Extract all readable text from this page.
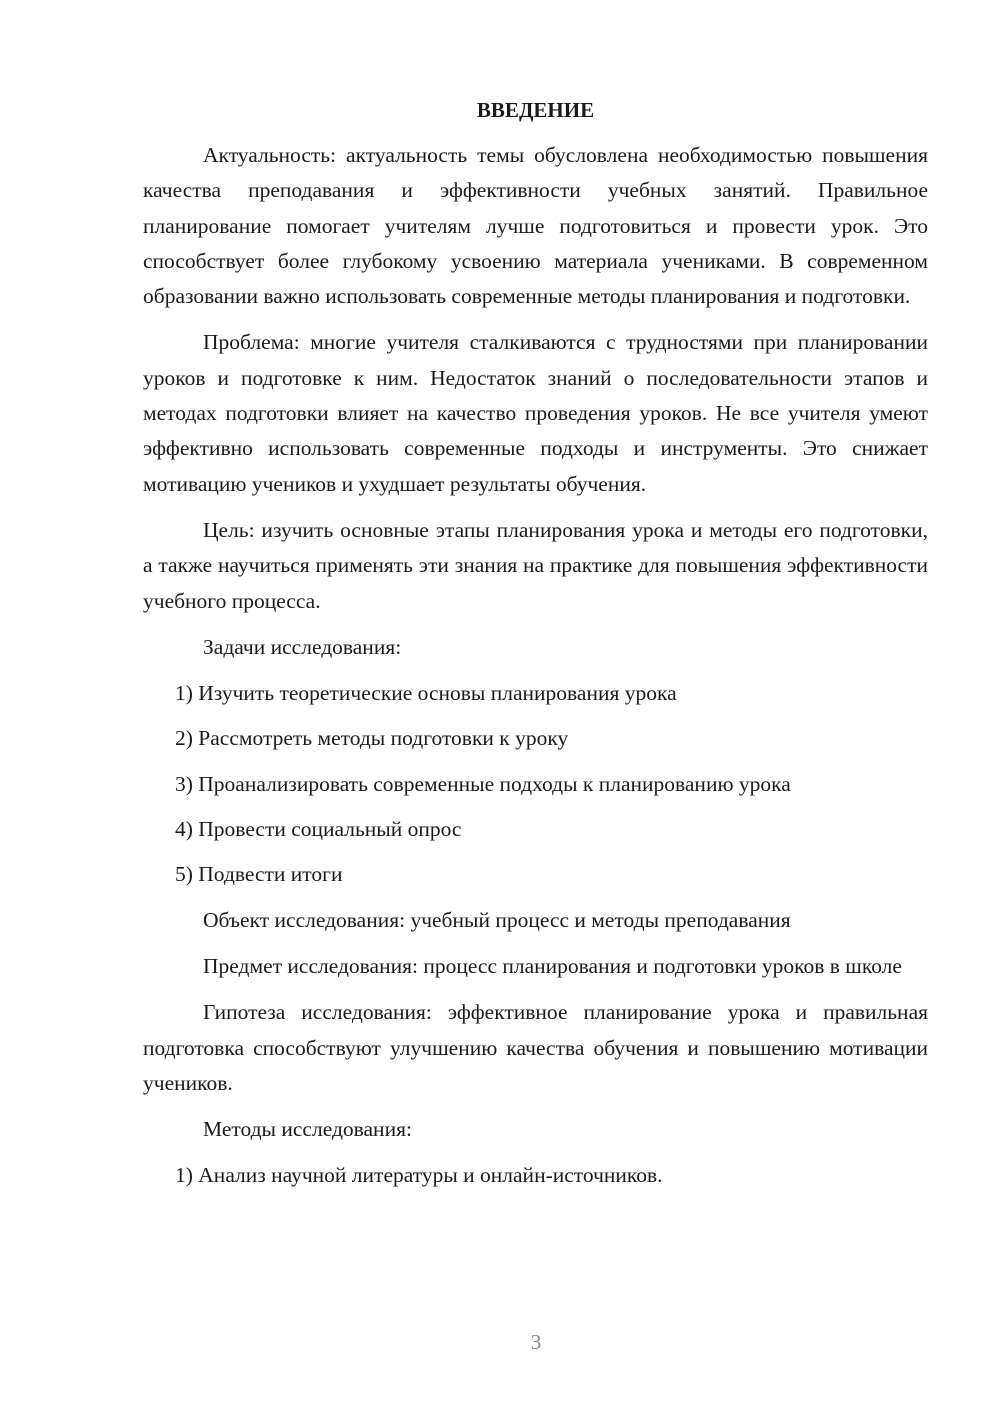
ВВЕДЕНИЕ

Актуальность: актуальность темы обусловлена необходимостью повышения качества преподавания и эффективности учебных занятий. Правильное планирование помогает учителям лучше подготовиться и провести урок. Это способствует более глубокому усвоению материала учениками. В современном образовании важно использовать современные методы планирования и подготовки.

Проблема: многие учителя сталкиваются с трудностями при планировании уроков и подготовке к ним. Недостаток знаний о последовательности этапов и методах подготовки влияет на качество проведения уроков. Не все учителя умеют эффективно использовать современные подходы и инструменты. Это снижает мотивацию учеников и ухудшает результаты обучения.

Цель: изучить основные этапы планирования урока и методы его подготовки, а также научиться применять эти знания на практике для повышения эффективности учебного процесса.

Задачи исследования:

1) Изучить теоретические основы планирования урока
2) Рассмотреть методы подготовки к уроку
3) Проанализировать современные подходы к планированию урока
4) Провести социальный опрос
5) Подвести итоги

Объект исследования: учебный процесс и методы преподавания

Предмет исследования: процесс планирования и подготовки уроков в школе

Гипотеза исследования: эффективное планирование урока и правильная подготовка способствуют улучшению качества обучения и повышению мотивации учеников.

Методы исследования:

1) Анализ научной литературы и онлайн-источников.
3
